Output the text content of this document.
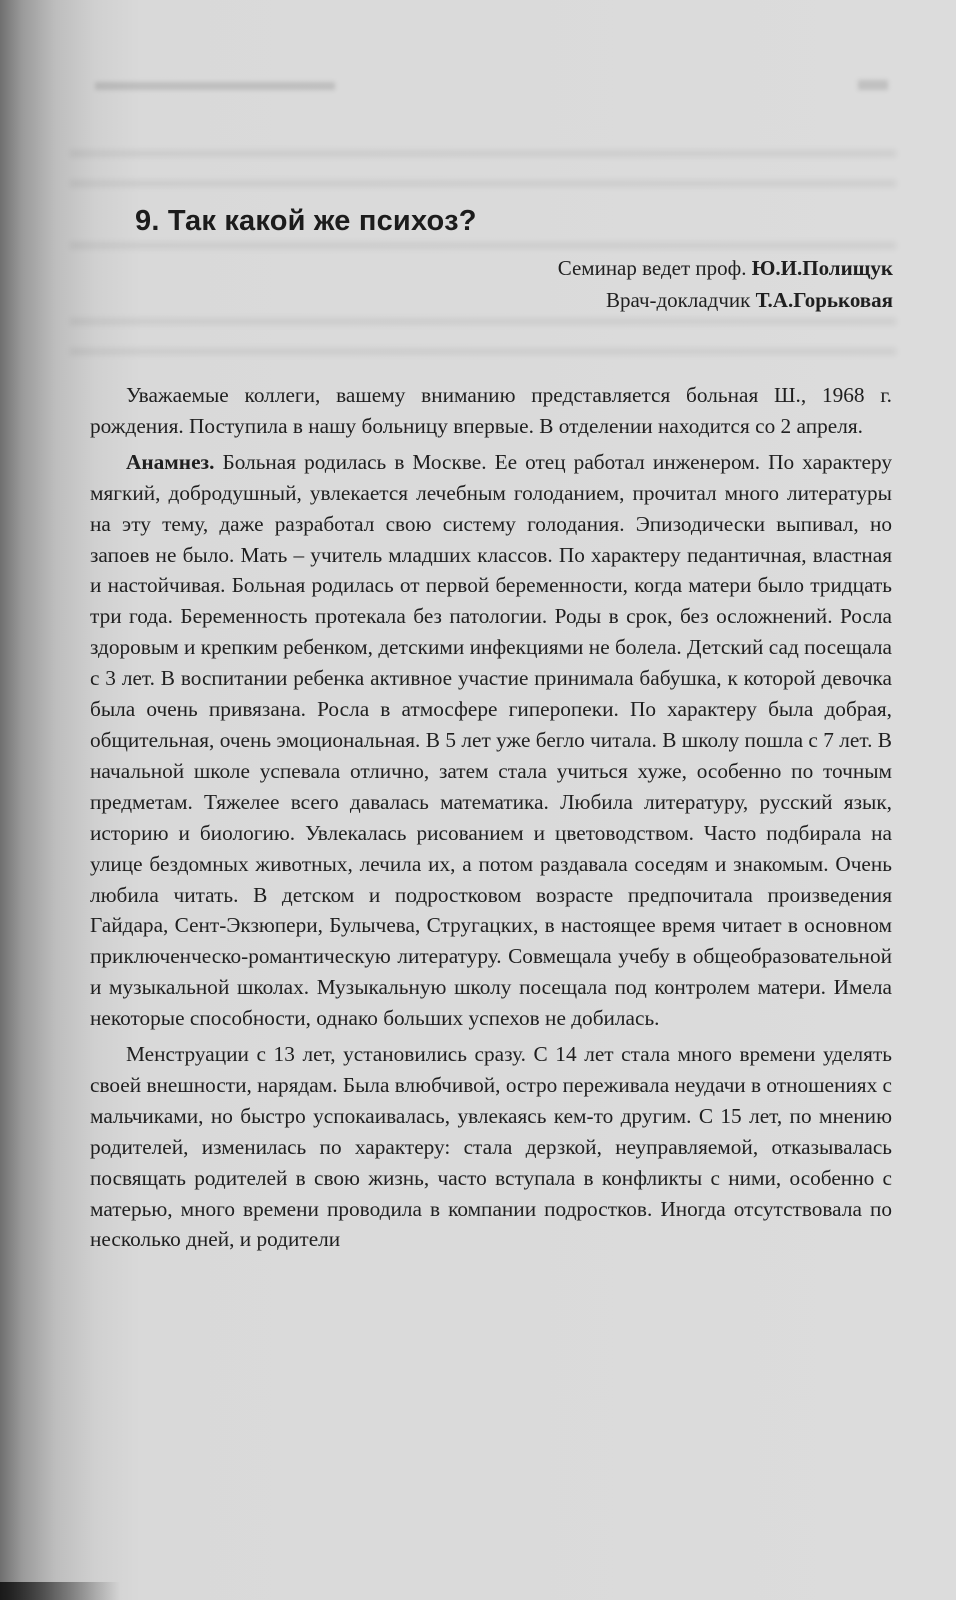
9. Так какой же психоз?
Семинар ведет проф. Ю.И.Полищук
Врач-докладчик Т.А.Горьковая

Уважаемые коллеги, вашему вниманию представляется больная Ш., 1968 г. рождения. Поступила в нашу больницу впервые. В отделении находится со 2 апреля.

Анамнез. Больная родилась в Москве. Ее отец работал инженером. По характеру мягкий, добродушный, увлекается лечебным голоданием, прочитал много литературы на эту тему, даже разработал свою систему голодания. Эпизодически выпивал, но запоев не было. Мать – учитель младших классов. По характеру педантичная, властная и настойчивая. Больная родилась от первой беременности, когда матери было тридцать три года. Беременность протекала без патологии. Роды в срок, без осложнений. Росла здоровым и крепким ребенком, детскими инфекциями не болела. Детский сад посещала с 3 лет. В воспитании ребенка активное участие принимала бабушка, к которой девочка была очень привязана. Росла в атмосфере гиперопеки. По характеру была добрая, общительная, очень эмоциональная. В 5 лет уже бегло читала. В школу пошла с 7 лет. В начальной школе успевала отлично, затем стала учиться хуже, особенно по точным предметам. Тяжелее всего давалась математика. Любила литературу, русский язык, историю и биологию. Увлекалась рисованием и цветоводством. Часто подбирала на улице бездомных животных, лечила их, а потом раздавала соседям и знакомым. Очень любила читать. В детском и подростковом возрасте предпочитала произведения Гайдара, Сент-Экзюпери, Булычева, Стругацких, в настоящее время читает в основном приключенческо-романтическую литературу. Совмещала учебу в общеобразовательной и музыкальной школах. Музыкальную школу посещала под контролем матери. Имела некоторые способности, однако больших успехов не добилась.

Менструации с 13 лет, установились сразу. С 14 лет стала много времени уделять своей внешности, нарядам. Была влюбчивой, остро переживала неудачи в отношениях с мальчиками, но быстро успокаивалась, увлекаясь кем-то другим. С 15 лет, по мнению родителей, изменилась по характеру: стала дерзкой, неуправляемой, отказывалась посвящать родителей в свою жизнь, часто вступала в конфликты с ними, особенно с матерью, много времени проводила в компании подростков. Иногда отсутствовала по несколько дней, и родители
